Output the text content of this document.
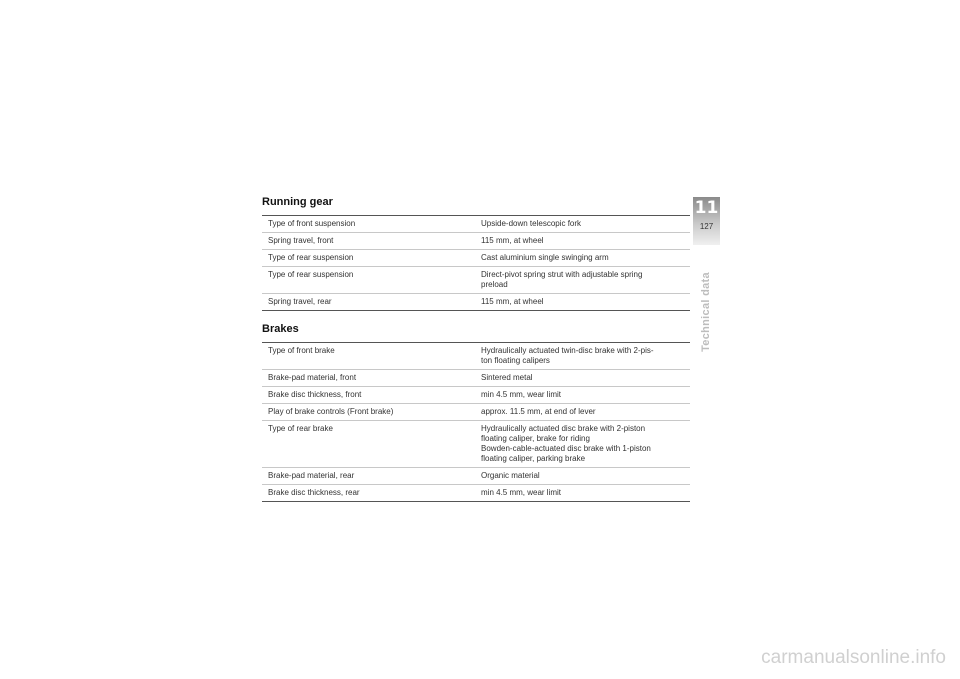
Running gear
Type of front suspension	Upside-down telescopic fork

Spring travel, front	115 mm, at wheel

Type of rear suspension	Cast aluminium single swinging arm

Type of rear suspension	Direct-pivot spring strut with adjustable spring
preload

Spring travel, rear	115 mm, at wheel
Brakes
Type of front brake	Hydraulically actuated twin-disc brake with 2-pis-
ton floating calipers

Brake-pad material, front	Sintered metal

Brake disc thickness, front	min 4.5 mm, wear limit

Play of brake controls (Front brake)	approx. 11.5 mm, at end of lever

Type of rear brake	Hydraulically actuated disc brake with 2-piston
floating caliper, brake for riding
Bowden-cable-actuated disc brake with 1-piston
floating caliper, parking brake

Brake-pad material, rear	Organic material

Brake disc thickness, rear	min 4.5 mm, wear limit
11
127
Technical data
carmanualsonline.info
